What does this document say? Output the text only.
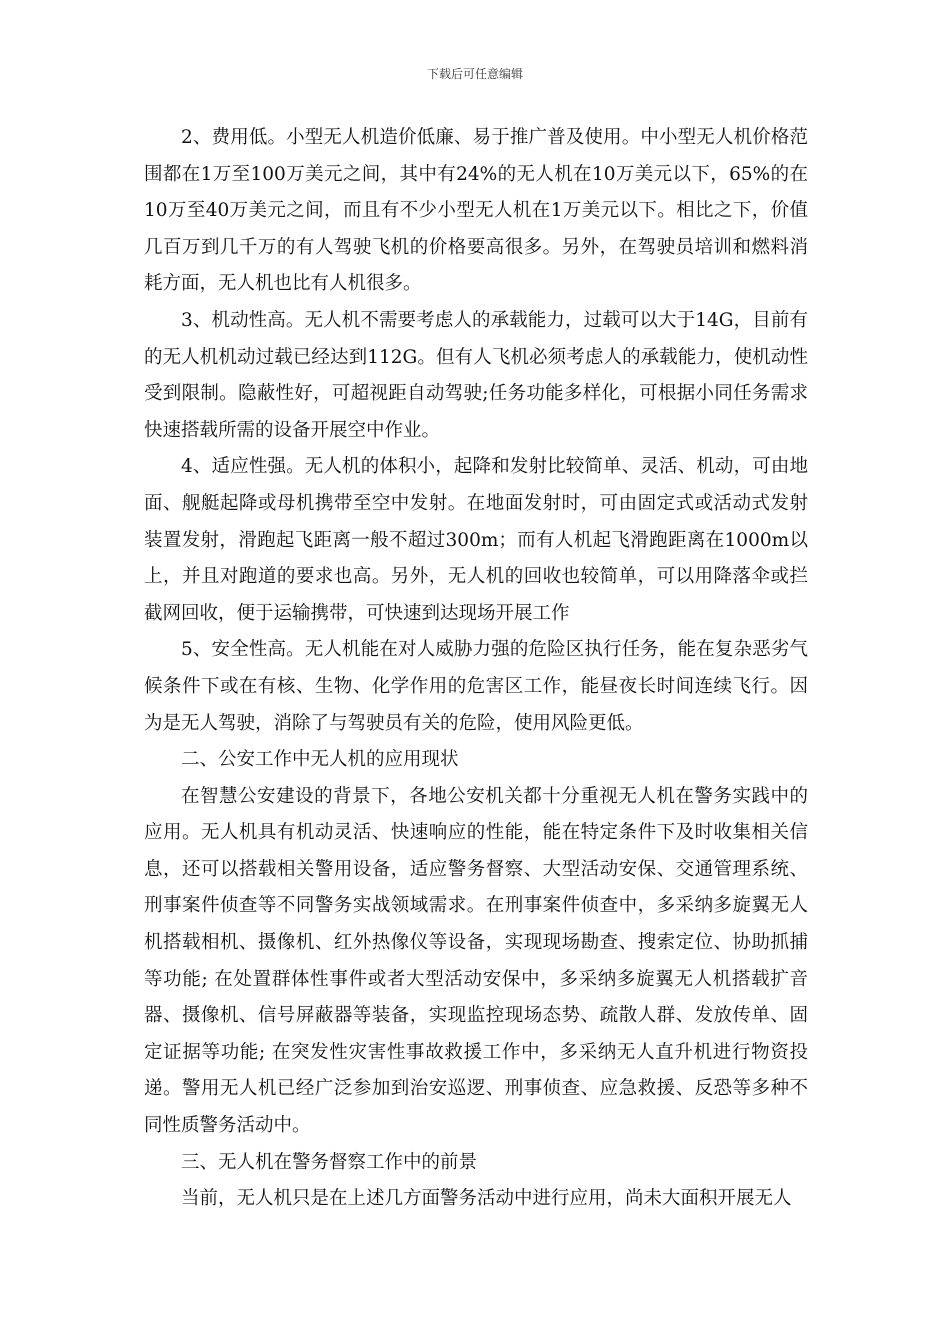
下载后可任意编辑

2、费用低。小型无人机造价低廉、易于推广普及使用。中小型无人机价格范围都在1万至100万美元之间，其中有24%的无人机在10万美元以下，65%的在10万至40万美元之间，而且有不少小型无人机在1万美元以下。相比之下，价值几百万到几千万的有人驾驶飞机的价格要高很多。另外，在驾驶员培训和燃料消耗方面，无人机也比有人机很多。

3、机动性高。无人机不需要考虑人的承载能力，过载可以大于14G，目前有的无人机机动过载已经达到112G。但有人飞机必须考虑人的承载能力，使机动性受到限制。隐蔽性好，可超视距自动驾驶;任务功能多样化，可根据小同任务需求快速搭载所需的设备开展空中作业。

4、适应性强。无人机的体积小，起降和发射比较简单、灵活、机动，可由地面、舰艇起降或母机携带至空中发射。在地面发射时，可由固定式或活动式发射装置发射，滑跑起飞距离一般不超过300m；而有人机起飞滑跑距离在1000m以上，并且对跑道的要求也高。另外，无人机的回收也较简单，可以用降落伞或拦截网回收，便于运输携带，可快速到达现场开展工作

5、安全性高。无人机能在对人威胁力强的危险区执行任务，能在复杂恶劣气候条件下或在有核、生物、化学作用的危害区工作，能昼夜长时间连续飞行。因为是无人驾驶，消除了与驾驶员有关的危险，使用风险更低。

二、公安工作中无人机的应用现状

在智慧公安建设的背景下，各地公安机关都十分重视无人机在警务实践中的应用。无人机具有机动灵活、快速响应的性能，能在特定条件下及时收集相关信息，还可以搭载相关警用设备，适应警务督察、大型活动安保、交通管理系统、刑事案件侦查等不同警务实战领域需求。在刑事案件侦查中，多采纳多旋翼无人机搭载相机、摄像机、红外热像仪等设备，实现现场勘查、搜索定位、协助抓捕等功能; 在处置群体性事件或者大型活动安保中，多采纳多旋翼无人机搭载扩音器、摄像机、信号屏蔽器等装备，实现监控现场态势、疏散人群、发放传单、固定证据等功能; 在突发性灾害性事故救援工作中，多采纳无人直升机进行物资投递。警用无人机已经广泛参加到治安巡逻、刑事侦查、应急救援、反恐等多种不同性质警务活动中。

三、无人机在警务督察工作中的前景

当前，无人机只是在上述几方面警务活动中进行应用，尚未大面积开展无人
